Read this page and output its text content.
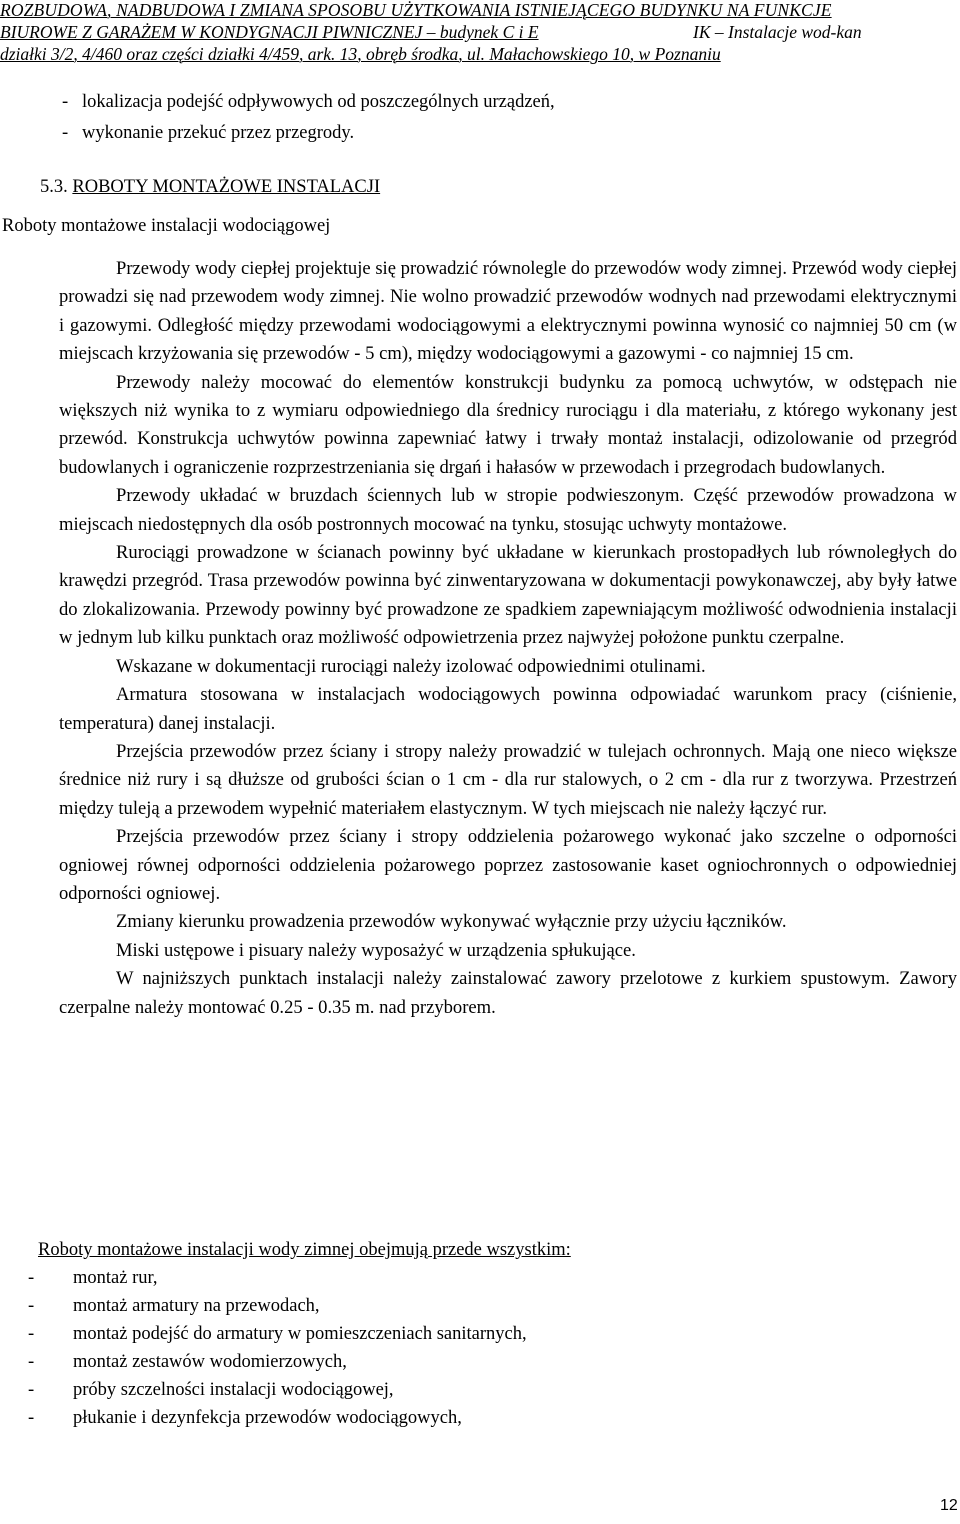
ROZBUDOWA, NADBUDOWA I ZMIANA SPOSOBU UŻYTKOWANIA ISTNIEJĄCEGO BUDYNKU NA FUNKCJE
BIUROWE Z GARAŻEM W KONDYGNACJI PIWNICZNEJ – budynek C i E	IK – Instalacje wod-kan
działki 3/2, 4/460 oraz części działki 4/459, ark. 13, obręb środka, ul. Małachowskiego 10, w Poznaniu
-   lokalizacja podejść odpływowych od poszczególnych urządzeń,
-   wykonanie przekuć przez przegrody.
5.3. ROBOTY MONTAŻOWE INSTALACJI
Roboty montażowe instalacji wodociągowej

Przewody wody ciepłej projektuje się prowadzić równolegle do przewodów wody zimnej. Przewód wody ciepłej prowadzi się nad przewodem wody zimnej. Nie wolno prowadzić przewodów wodnych nad przewodami elektrycznymi i gazowymi. Odległość między przewodami wodociągowymi a elektrycznymi powinna wynosić co najmniej 50 cm (w miejscach krzyżowania się przewodów - 5 cm), między wodociągowymi a gazowymi - co najmniej 15 cm.

Przewody należy mocować do elementów konstrukcji budynku za pomocą uchwytów, w odstępach nie większych niż wynika to z wymiaru odpowiedniego dla średnicy rurociągu i dla materiału, z którego wykonany jest przewód. Konstrukcja uchwytów powinna zapewniać łatwy i trwały montaż instalacji, odizolowanie od przegród budowlanych i ograniczenie rozprzestrzeniania się drgań i hałasów w przewodach i przegrodach budowlanych.

Przewody układać w bruzdach ściennych lub w stropie podwieszonym. Część przewodów prowadzona w miejscach niedostępnych dla osób postronnych mocować na tynku, stosując uchwyty montażowe.

Rurociągi prowadzone w ścianach powinny być układane w kierunkach prostopadłych lub równoległych do krawędzi przegród. Trasa przewodów powinna być zinwentaryzowana w dokumentacji powykonawczej, aby były łatwe do zlokalizowania. Przewody powinny być prowadzone ze spadkiem zapewniającym możliwość odwodnienia instalacji w jednym lub kilku punktach oraz możliwość odpowietrzenia przez najwyżej położone punktu czerpalne.

Wskazane w dokumentacji rurociągi należy izolować odpowiednimi otulinami.

Armatura stosowana w instalacjach wodociągowych powinna odpowiadać warunkom pracy (ciśnienie, temperatura) danej instalacji.

Przejścia przewodów przez ściany i stropy należy prowadzić w tulejach ochronnych. Mają one nieco większe średnice niż rury i są dłuższe od grubości ścian o 1 cm - dla rur stalowych, o 2 cm - dla rur z tworzywa. Przestrzeń między tuleją a przewodem wypełnić materiałem elastycznym. W tych miejscach nie należy łączyć rur.

Przejścia przewodów przez ściany i stropy oddzielenia pożarowego wykonać jako szczelne o odporności ogniowej równej odporności oddzielenia pożarowego poprzez zastosowanie kaset ogniochronnych o odpowiedniej odporności ogniowej.

Zmiany kierunku prowadzenia przewodów wykonywać wyłącznie przy użyciu łączników.

Miski ustępowe i pisuary należy wyposażyć w urządzenia spłukujące.

W najniższych punktach instalacji należy zainstalować zawory przelotowe z kurkiem spustowym. Zawory czerpalne należy montować 0.25 - 0.35 m. nad przyborem.

Roboty montażowe instalacji wody zimnej obejmują przede wszystkim:
- montaż rur,
- montaż armatury na przewodach,
- montaż podejść do armatury w pomieszczeniach sanitarnych,
- montaż zestawów wodomierzowych,
- próby szczelności instalacji wodociągowej,
- płukanie i dezynfekcja przewodów wodociągowych,
12
